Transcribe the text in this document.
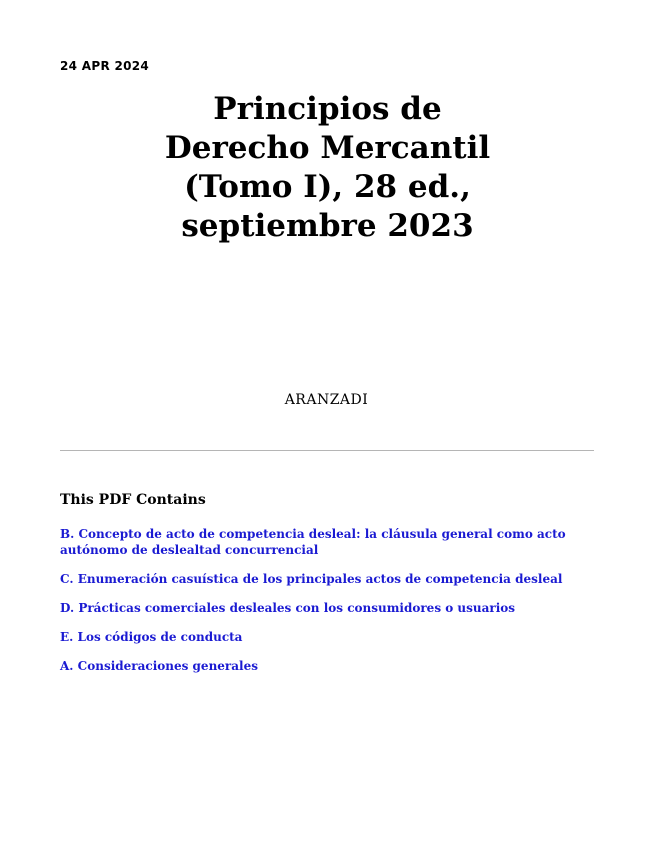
24 APR 2024
Principios de Derecho Mercantil (Tomo I), 28 ed., septiembre 2023
ARANZADI
This PDF Contains
B. Concepto de acto de competencia desleal: la cláusula general como acto autónomo de deslealtad concurrencial
C. Enumeración casuística de los principales actos de competencia desleal
D. Prácticas comerciales desleales con los consumidores o usuarios
E. Los códigos de conducta
A. Consideraciones generales
